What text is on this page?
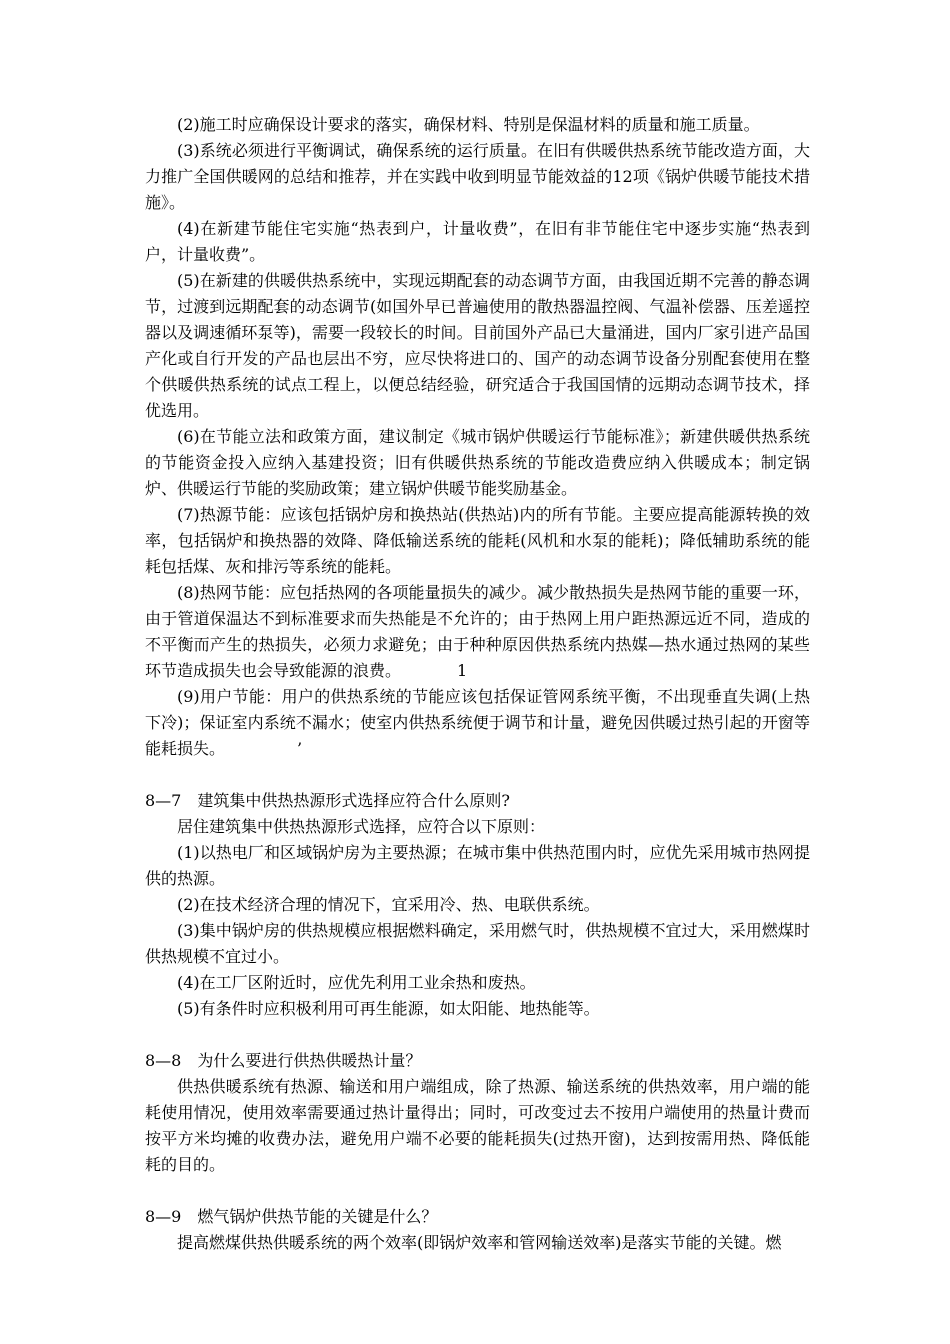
(2)施工时应确保设计要求的落实，确保材料、特别是保温材料的质量和施工质量。

(3)系统必须进行平衡调试，确保系统的运行质量。在旧有供暖供热系统节能改造方面，大力推广全国供暖网的总结和推荐，并在实践中收到明显节能效益的12项《锅炉供暖节能技术措施》。

(4)在新建节能住宅实施“热表到户，计量收费”，在旧有非节能住宅中逐步实施“热表到户，计量收费”。

(5)在新建的供暖供热系统中，实现远期配套的动态调节方面，由我国近期不完善的静态调节，过渡到远期配套的动态调节(如国外早已普遍使用的散热器温控阀、气温补偿器、压差遥控器以及调速循环泵等)，需要一段较长的时间。目前国外产品已大量涌进，国内厂家引进产品国产化或自行开发的产品也层出不穷，应尽快将进口的、国产的动态调节设备分别配套使用在整个供暖供热系统的试点工程上，以便总结经验，研究适合于我国国情的远期动态调节技术，择优选用。

(6)在节能立法和政策方面，建议制定《城市锅炉供暖运行节能标准》；新建供暖供热系统的节能资金投入应纳入基建投资；旧有供暖供热系统的节能改造费应纳入供暖成本；制定锅炉、供暖运行节能的奖励政策；建立锅炉供暖节能奖励基金。

(7)热源节能：应该包括锅炉房和换热站(供热站)内的所有节能。主要应提高能源转换的效率，包括锅炉和换热器的效降、降低输送系统的能耗(风机和水泵的能耗)；降低辅助系统的能耗包括煤、灰和排污等系统的能耗。

(8)热网节能：应包括热网的各项能量损失的减少。减少散热损失是热网节能的重要一环，由于管道保温达不到标准要求而失热能是不允许的；由于热网上用户距热源远近不同，造成的不平衡而产生的热损失，必须力求避免；由于种种原因供热系统内热媒—热水通过热网的某些环节造成损失也会导致能源的浪费。	1

(9)用户节能：用户的供热系统的节能应该包括保证管网系统平衡，不出现垂直失调(上热下冷)；保证室内系统不漏水；使室内供热系统便于调节和计量，避免因供暖过热引起的开窗等能耗损失。	’

8—7　建筑集中供热热源形式选择应符合什么原则?

居住建筑集中供热热源形式选择，应符合以下原则：

(1)以热电厂和区域锅炉房为主要热源；在城市集中供热范围内时，应优先采用城市热网提供的热源。

(2)在技术经济合理的情况下，宜采用冷、热、电联供系统。

(3)集中锅炉房的供热规模应根据燃料确定，采用燃气时，供热规模不宜过大，采用燃煤时供热规模不宜过小。

(4)在工厂区附近时，应优先利用工业余热和废热。

(5)有条件时应积极利用可再生能源，如太阳能、地热能等。

8—8　为什么要进行供热供暖热计量？

供热供暖系统有热源、输送和用户端组成，除了热源、输送系统的供热效率，用户端的能耗使用情况，使用效率需要通过热计量得出；同时，可改变过去不按用户端使用的热量计费而按平方米均摊的收费办法，避免用户端不必要的能耗损失(过热开窗)，达到按需用热、降低能耗的目的。

8—9　燃气锅炉供热节能的关键是什么？

提高燃煤供热供暖系统的两个效率(即锅炉效率和管网输送效率)是落实节能的关键。燃
